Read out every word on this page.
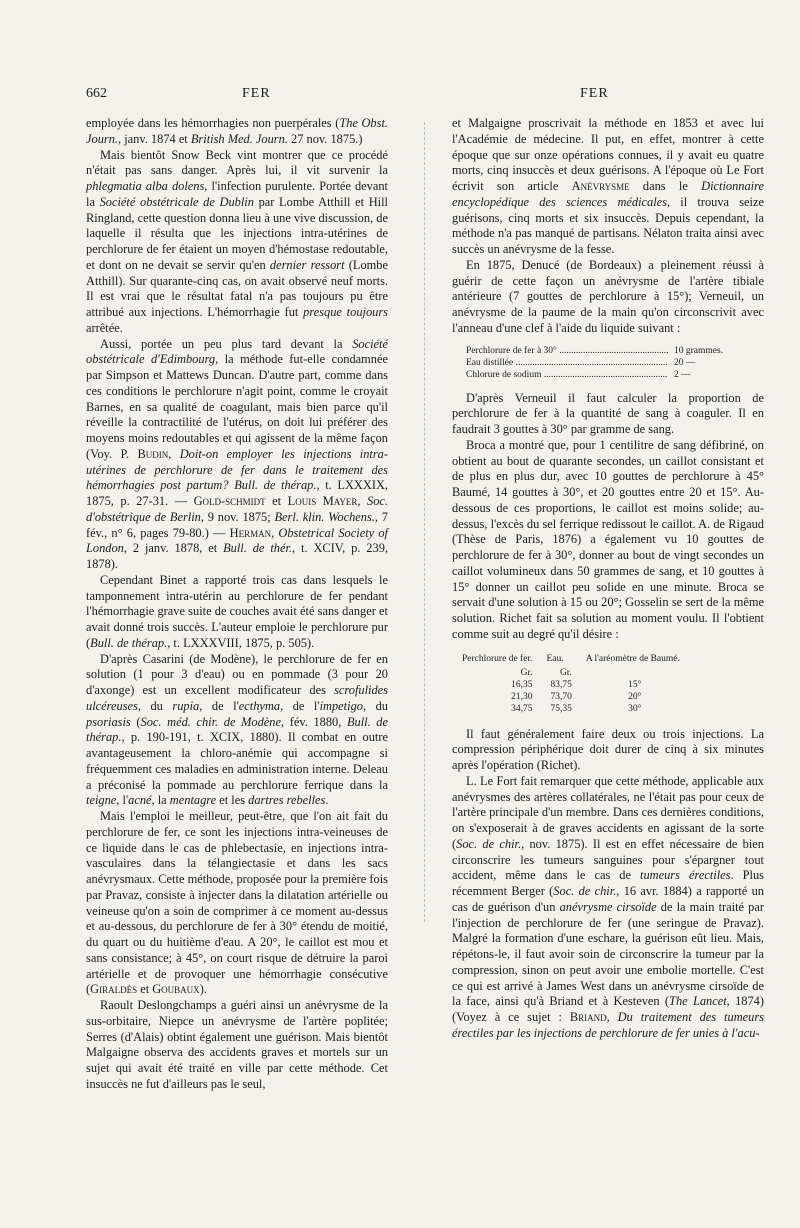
662	FER	FER

employée dans les hémorrhagies non puerpérales (The Obst. Journ., janv. 1874 et British Med. Journ. 27 nov. 1875.)

Mais bientôt Snow Beck vint montrer que ce procédé n'était pas sans danger. Après lui, il vit survenir la phlegmatia alba dolens, l'infection purulente. Portée devant la Société obstétricale de Dublin par Lombe Atthill et Hill Ringland, cette question donna lieu à une vive discussion, de laquelle il résulta que les injections intra-utérines de perchlorure de fer étaient un moyen d'hémostase redoutable, et dont on ne devait se servir qu'en dernier ressort (Lombe Atthill). Sur quarante-cinq cas, on avait observé neuf morts. Il est vrai que le résultat fatal n'a pas toujours pu être attribué aux injections. L'hémorrhagie fut presque toujours arrêtée.

Aussi, portée un peu plus tard devant la Société obstétricale d'Edimbourg, la méthode fut-elle condamnée par Simpson et Mattews Duncan. D'autre part, comme dans ces conditions le perchlorure n'agit point, comme le croyait Barnes, en sa qualité de coagulant, mais bien parce qu'il réveille la contractilité de l'utérus, on doit lui préférer des moyens moins redoutables et qui agissent de la même façon (Voy. P. Budin, Doit-on employer les injections intra-utérines de perchlorure de fer dans le traitement des hémorrhagies post partum? Bull. de thérap., t. LXXXIX, 1875, p. 27-31. — Gold-schmidt et Louis Mayer, Soc. d'obstétrique de Berlin, 9 nov. 1875; Berl. klin. Wochens., 7 fév., n° 6, pages 79-80.) — Herman, Obstetrical Society of London, 2 janv. 1878, et Bull. de thér., t. XCIV, p. 239, 1878).

Cependant Binet a rapporté trois cas dans lesquels le tamponnement intra-utérin au perchlorure de fer pendant l'hémorrhagie grave suite de couches avait été sans danger et avait donné trois succès. L'auteur emploie le perchlorure pur (Bull. de thérap., t. LXXXVIII, 1875, p. 505).

D'après Casarini (de Modène), le perchlorure de fer en solution (1 pour 3 d'eau) ou en pommade (3 pour 20 d'axonge) est un excellent modificateur des scrofulides ulcéreuses, du rupia, de l'ecthyma, de l'impetigo, du psoriasis (Soc. méd. chir. de Modène, fév. 1880, Bull. de thérap., p. 190-191, t. XCIX, 1880). Il combat en outre avantageusement la chloro-anémie qui accompagne si fréquemment ces maladies en administration interne. Deleau a préconisé la pommade au perchlorure ferrique dans la teigne, l'acné, la mentagre et les dartres rebelles.

Mais l'emploi le meilleur, peut-être, que l'on ait fait du perchlorure de fer, ce sont les injections intra-veineuses de ce liquide dans le cas de phlebectasie, en injections intra-vasculaires dans la télangiectasie et dans les sacs anévrysmaux. Cette méthode, proposée pour la première fois par Pravaz, consiste à injecter dans la dilatation artérielle ou veineuse qu'on a soin de comprimer à ce moment au-dessus et au-dessous, du perchlorure de fer à 30° étendu de moitié, du quart ou du huitième d'eau. A 20°, le caillot est mou et sans consistance; à 45°, on court risque de détruire la paroi artérielle et de provoquer une hémorrhagie consécutive (Giraldès et Goubaux).

Raoult Deslongchamps a guéri ainsi un anévrysme de la sus-orbitaire, Niepce un anévrysme de l'artère poplitée; Serres (d'Alais) obtint également une guérison. Mais bientôt Malgaigne observa des accidents graves et mortels sur un sujet qui avait été traité en ville par cette méthode. Cet insuccès ne fut d'ailleurs pas le seul,

et Malgaigne proscrivait la méthode en 1853 et avec lui l'Académie de médecine. Il put, en effet, montrer à cette époque que sur onze opérations connues, il y avait eu quatre morts, cinq insuccès et deux guérisons. A l'époque où Le Fort écrivit son article Anévrysme dans le Dictionnaire encyclopédique des sciences médicales, il trouva seize guérisons, cinq morts et six insuccès. Depuis cependant, la méthode n'a pas manqué de partisans. Nélaton traita ainsi avec succès un anévrysme de la fesse.

En 1875, Denucé (de Bordeaux) a pleinement réussi à guérir de cette façon un anévrysme de l'artère tibiale antérieure (7 gouttes de perchlorure à 15°); Verneuil, un anévrysme de la paume de la main qu'on circonscrivit avec l'anneau d'une clef à l'aide du liquide suivant :

Perchlorure de fer à 30° .....	10 grammes.
Eau distillée .....	20 —
Chlorure de sodium .....	2 —

D'après Verneuil il faut calculer la proportion de perchlorure de fer à la quantité de sang à coaguler. Il en faudrait 3 gouttes à 30° par gramme de sang.

Broca a montré que, pour 1 centilitre de sang défibriné, on obtient au bout de quarante secondes, un caillot consistant et de plus en plus dur, avec 10 gouttes de perchlorure à 45° Baumé, 14 gouttes à 30°, et 20 gouttes entre 20 et 15°. Au-dessous de ces proportions, le caillot est moins solide; au-dessus, l'excès du sel ferrique redissout le caillot. A. de Rigaud (Thèse de Paris, 1876) a également vu 10 gouttes de perchlorure de fer à 30°, donner au bout de vingt secondes un caillot volumineux dans 50 grammes de sang, et 10 gouttes à 15° donner un caillot peu solide en une minute. Broca se servait d'une solution à 15 ou 20°; Gosselin se sert de la même solution. Richet fait sa solution au moment voulu. Il l'obtient comme suit au degré qu'il désire :

Perchlorure de fer.	Eau.	A l'aréomètre de Baumé.
Gr.	Gr.	
16,35	83,75	15°
21,30	73,70	20°
34,75	75,35	30°

Il faut généralement faire deux ou trois injections. La compression périphérique doit durer de cinq à six minutes après l'opération (Richet).

L. Le Fort fait remarquer que cette méthode, applicable aux anévrysmes des artères collatérales, ne l'était pas pour ceux de l'artère principale d'un membre. Dans ces dernières conditions, on s'exposerait à de graves accidents en agissant de la sorte (Soc. de chir., nov. 1875). Il est en effet nécessaire de bien circonscrire les tumeurs sanguines pour s'épargner tout accident, même dans le cas de tumeurs érectiles. Plus récemment Berger (Soc. de chir., 16 avr. 1884) a rapporté un cas de guérison d'un anévrysme cirsoïde de la main traité par l'injection de perchlorure de fer (une seringue de Pravaz). Malgré la formation d'une eschare, la guérison eût lieu. Mais, répétons-le, il faut avoir soin de circonscrire la tumeur par la compression, sinon on peut avoir une embolie mortelle. C'est ce qui est arrivé à James West dans un anévrysme cirsoïde de la face, ainsi qu'à Briand et à Kesteven (The Lancet, 1874) (Voyez à ce sujet : Briand, Du traitement des tumeurs érectiles par les injections de perchlorure de fer unies à l'acu-
